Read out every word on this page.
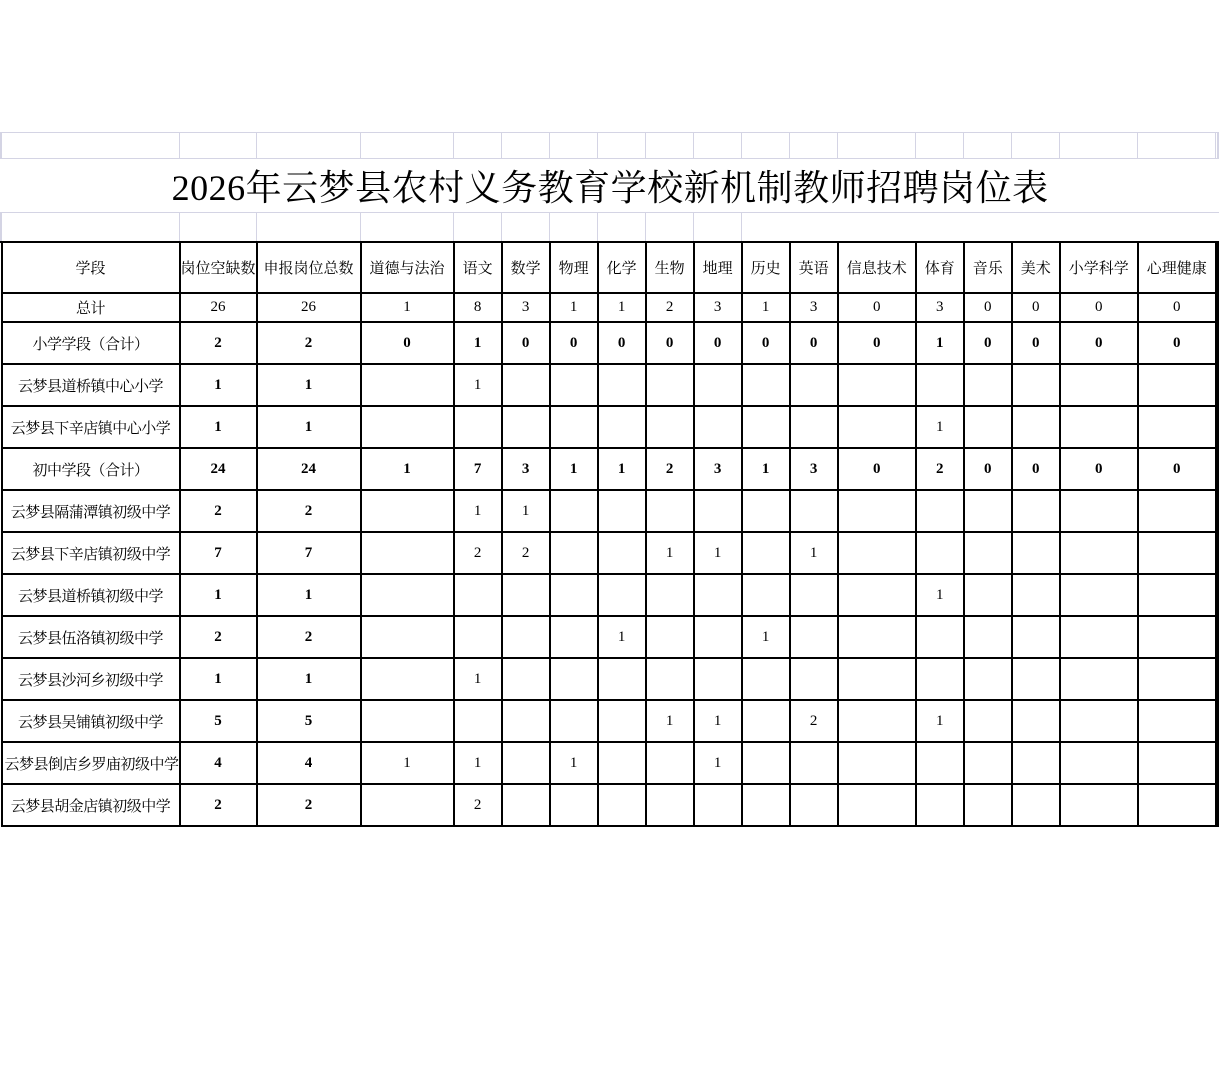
	2026年云梦县农村义务教育学校新机制教师招聘岗位表																			

	学段	岗位空缺数	申报岗位总数	道德与法治	语文	数学	物理	化学	生物	地理	历史	英语	信息技术	体育	音乐	美术	小学科学	心理健康		
	总计	26	26	1	8	3	1	1	2	3	1	3	0	3	0	0	0	0		
	小学学段（合计）	2	2	0	1	0	0	0	0	0	0	0	0	1	0	0	0	0		
	云梦县道桥镇中心小学	1	1		1															
	云梦县下辛店镇中心小学	1	1											1						
	初中学段（合计）	24	24	1	7	3	1	1	2	3	1	3	0	2	0	0	0	0		
	云梦县隔蒲潭镇初级中学	2	2		1	1														
	云梦县下辛店镇初级中学	7	7		2	2			1	1		1								
	云梦县道桥镇初级中学	1	1											1						
	云梦县伍洛镇初级中学	2	2					1			1									
	云梦县沙河乡初级中学	1	1		1															
	云梦县吴铺镇初级中学	5	5						1	1		2		1						
	云梦县倒店乡罗庙初级中学	4	4	1	1		1			1										
	云梦县胡金店镇初级中学	2	2		2															
